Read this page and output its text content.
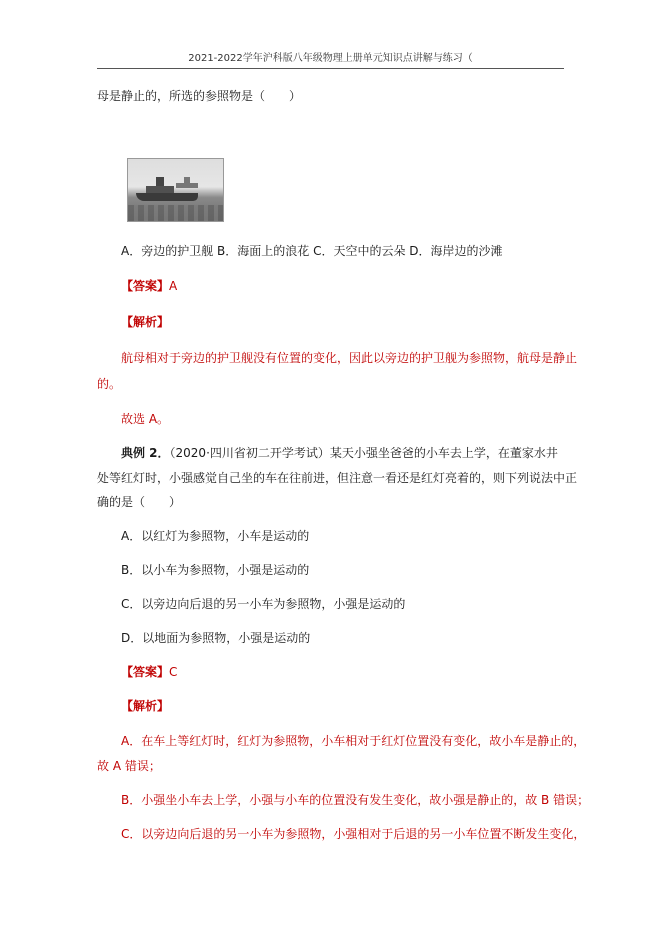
2021-2022学年沪科版八年级物理上册单元知识点讲解与练习（
母是静止的，所选的参照物是（　　）
A．旁边的护卫舰 B．海面上的浪花 C．天空中的云朵 D．海岸边的沙滩
【答案】A
【解析】
航母相对于旁边的护卫舰没有位置的变化，因此以旁边的护卫舰为参照物，航母是静止
的。
故选 A。
典例 2．（2020·四川省初二开学考试）某天小强坐爸爸的小车去上学，在董家水井
处等红灯时，小强感觉自己坐的车在往前进，但注意一看还是红灯亮着的，则下列说法中正
确的是（　　）
A．以红灯为参照物，小车是运动的
B．以小车为参照物，小强是运动的
C．以旁边向后退的另一小车为参照物，小强是运动的
D．以地面为参照物，小强是运动的
【答案】C
【解析】
A．在车上等红灯时，红灯为参照物，小车相对于红灯位置没有变化，故小车是静止的，
故 A 错误；
B．小强坐小车去上学，小强与小车的位置没有发生变化，故小强是静止的，故 B 错误；
C．以旁边向后退的另一小车为参照物，小强相对于后退的另一小车位置不断发生变化，
